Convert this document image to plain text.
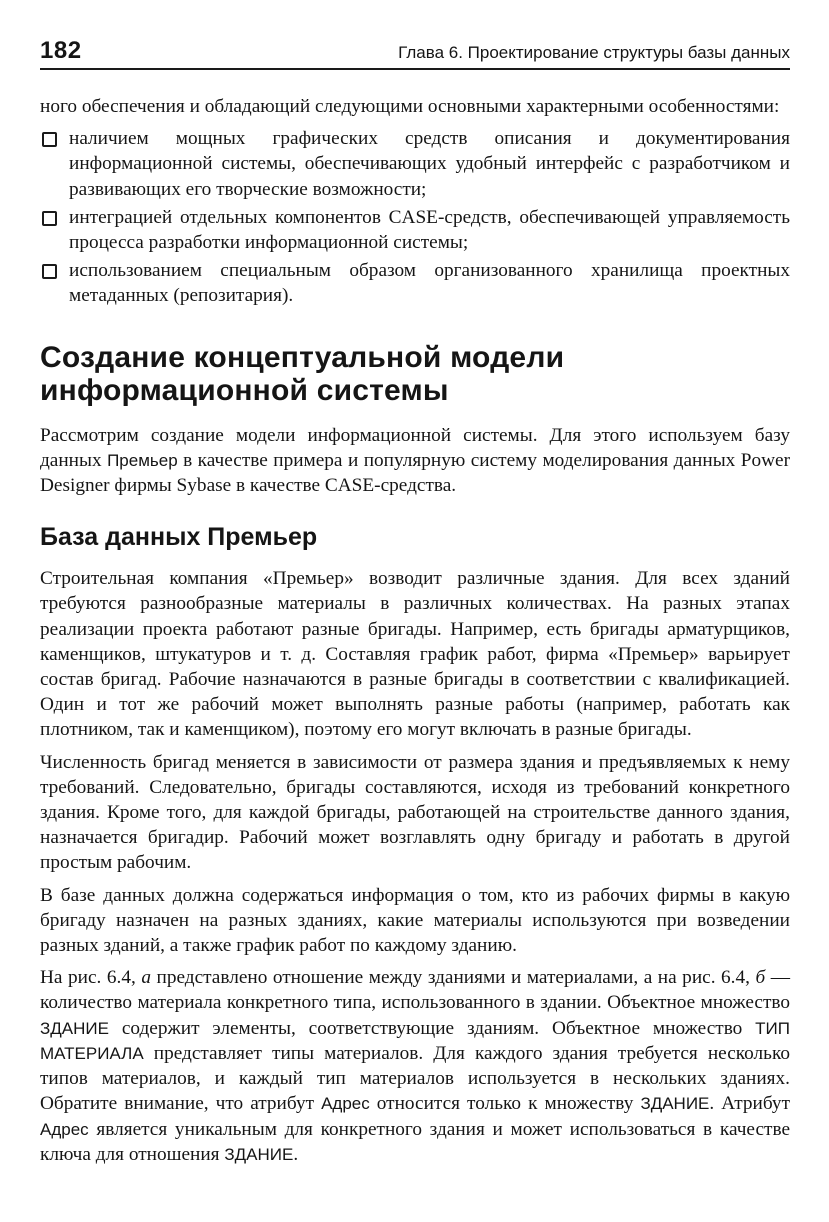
182	Глава 6. Проектирование структуры базы данных

ного обеспечения и обладающий следующими основными характерными особенностями:

наличием мощных графических средств описания и документирования информационной системы, обеспечивающих удобный интерфейс с разработчиком и развивающих его творческие возможности;

интеграцией отдельных компонентов CASE-средств, обеспечивающей управляемость процесса разработки информационной системы;

использованием специальным образом организованного хранилища проектных метаданных (репозитария).

Создание концептуальной модели
информационной системы

Рассмотрим создание модели информационной системы. Для этого используем базу данных Премьер в качестве примера и популярную систему моделирования данных Power Designer фирмы Sybase в качестве CASE-средства.

База данных Премьер

Строительная компания «Премьер» возводит различные здания. Для всех зданий требуются разнообразные материалы в различных количествах. На разных этапах реализации проекта работают разные бригады. Например, есть бригады арматурщиков, каменщиков, штукатуров и т. д. Составляя график работ, фирма «Премьер» варьирует состав бригад. Рабочие назначаются в разные бригады в соответствии с квалификацией. Один и тот же рабочий может выполнять разные работы (например, работать как плотником, так и каменщиком), поэтому его могут включать в разные бригады.

Численность бригад меняется в зависимости от размера здания и предъявляемых к нему требований. Следовательно, бригады составляются, исходя из требований конкретного здания. Кроме того, для каждой бригады, работающей на строительстве данного здания, назначается бригадир. Рабочий может возглавлять одну бригаду и работать в другой простым рабочим.

В базе данных должна содержаться информация о том, кто из рабочих фирмы в какую бригаду назначен на разных зданиях, какие материалы используются при возведении разных зданий, а также график работ по каждому зданию.

На рис. 6.4, а представлено отношение между зданиями и материалами, а на рис. 6.4, б — количество материала конкретного типа, использованного в здании. Объектное множество ЗДАНИЕ содержит элементы, соответствующие зданиям. Объектное множество ТИП МАТЕРИАЛА представляет типы материалов. Для каждого здания требуется несколько типов материалов, и каждый тип материалов используется в нескольких зданиях. Обратите внимание, что атрибут Адрес относится только к множеству ЗДАНИЕ. Атрибут Адрес является уникальным для конкретного здания и может использоваться в качестве ключа для отношения ЗДАНИЕ.
